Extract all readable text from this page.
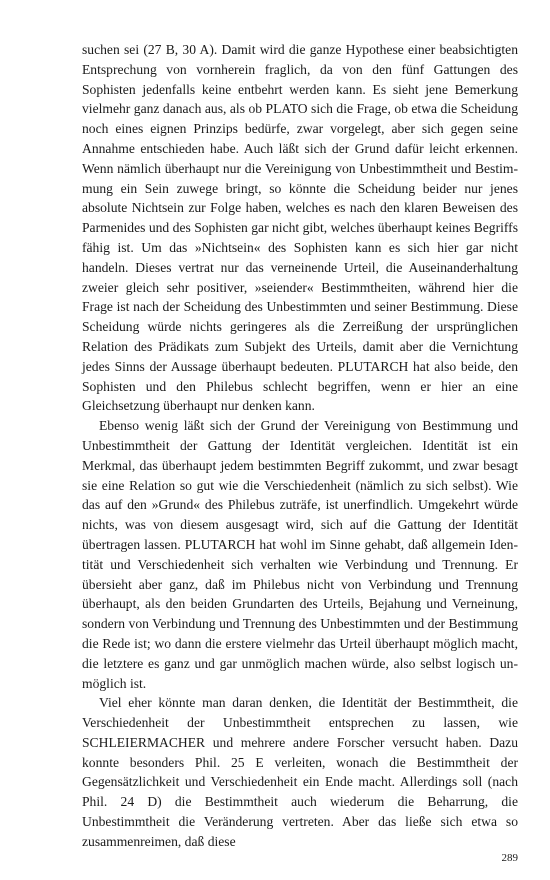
suchen sei (27 B, 30 A). Damit wird die ganze Hypothese einer beabsichtigten Entsprechung von vornherein fraglich, da von den fünf Gattungen des Sophisten jedenfalls keine entbehrt werden kann. Es sieht jene Bemerkung vielmehr ganz danach aus, als ob PLATO sich die Frage, ob etwa die Scheidung noch eines eignen Prinzips bedürfe, zwar vorgelegt, aber sich gegen seine Annahme entschieden habe. Auch läßt sich der Grund dafür leicht erkennen. Wenn nämlich überhaupt nur die Vereinigung von Unbestimmtheit und Bestimmung ein Sein zuwege bringt, so könnte die Scheidung beider nur jenes absolute Nichtsein zur Folge haben, welches es nach den klaren Beweisen des Parmenides und des Sophisten gar nicht gibt, welches überhaupt keines Begriffs fähig ist. Um das »Nichtsein« des Sophisten kann es sich hier gar nicht handeln. Dieses vertrat nur das verneinende Urteil, die Auseinanderhaltung zweier gleich sehr positiver, »seiender« Bestimmtheiten, während hier die Frage ist nach der Scheidung des Unbestimmten und seiner Bestimmung. Diese Scheidung würde nichts geringeres als die Zerreißung der ursprünglichen Relation des Prädikats zum Subjekt des Urteils, damit aber die Vernichtung jedes Sinns der Aussage überhaupt bedeuten. PLUTARCH hat also beide, den Sophisten und den Philebus schlecht begriffen, wenn er hier an eine Gleichsetzung überhaupt nur denken kann.

Ebenso wenig läßt sich der Grund der Vereinigung von Bestimmung und Unbestimmtheit der Gattung der Identität vergleichen. Identität ist ein Merkmal, das überhaupt jedem bestimmten Begriff zukommt, und zwar besagt sie eine Relation so gut wie die Verschiedenheit (nämlich zu sich selbst). Wie das auf den »Grund« des Philebus zuträfe, ist unerfindlich. Umgekehrt würde nichts, was von diesem ausgesagt wird, sich auf die Gattung der Identität übertragen lassen. PLUTARCH hat wohl im Sinne gehabt, daß allgemein Identität und Verschiedenheit sich verhalten wie Verbindung und Trennung. Er übersieht aber ganz, daß im Philebus nicht von Verbindung und Trennung überhaupt, als den beiden Grundarten des Urteils, Bejahung und Verneinung, sondern von Verbindung und Trennung des Unbestimmten und der Bestimmung die Rede ist; wo dann die erstere vielmehr das Urteil überhaupt möglich macht, die letztere es ganz und gar unmöglich machen würde, also selbst logisch unmöglich ist.

Viel eher könnte man daran denken, die Identität der Bestimmtheit, die Verschiedenheit der Unbestimmtheit entsprechen zu lassen, wie SCHLEIERMACHER und mehrere andere Forscher versucht haben. Dazu konnte besonders Phil. 25 E verleiten, wonach die Bestimmtheit der Gegensätzlichkeit und Verschiedenheit ein Ende macht. Allerdings soll (nach Phil. 24 D) die Bestimmtheit auch wiederum die Beharrung, die Unbestimmtheit die Veränderung vertreten. Aber das ließe sich etwa so zusammenreimen, daß diese

289
